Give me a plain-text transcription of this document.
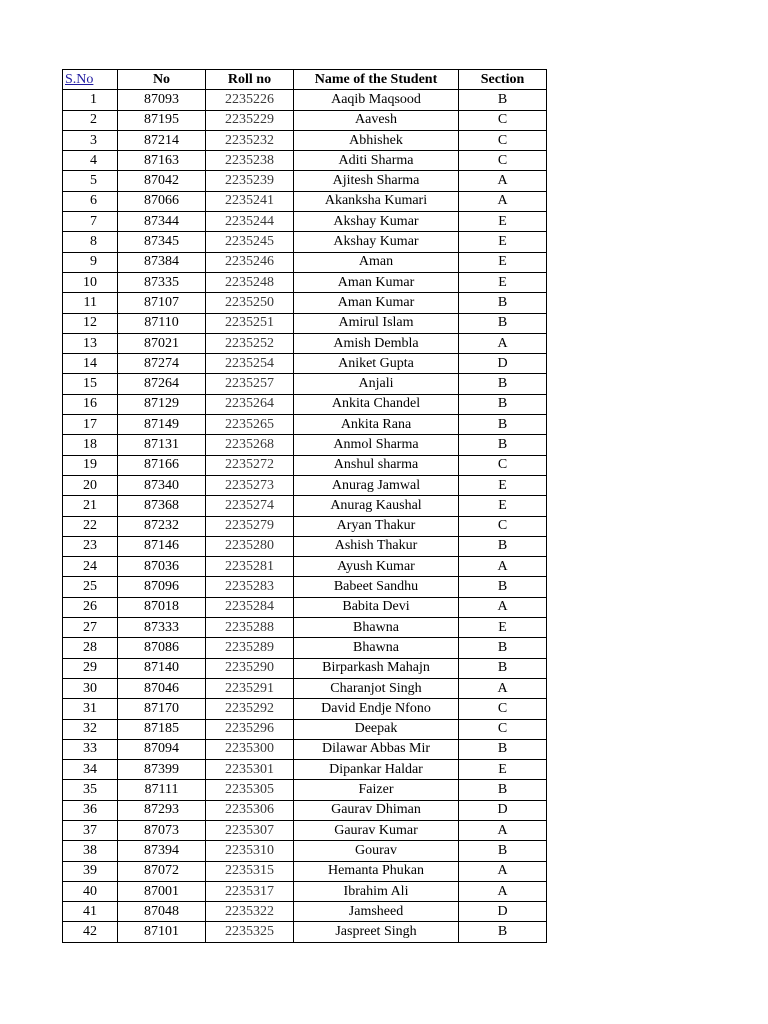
S.No	No	Roll no	Name of the Student	Section
1	87093	2235226	Aaqib Maqsood	B
2	87195	2235229	Aavesh	C
3	87214	2235232	Abhishek	C
4	87163	2235238	Aditi Sharma	C
5	87042	2235239	Ajitesh Sharma	A
6	87066	2235241	Akanksha Kumari	A
7	87344	2235244	Akshay Kumar	E
8	87345	2235245	Akshay Kumar	E
9	87384	2235246	Aman	E
10	87335	2235248	Aman Kumar	E
11	87107	2235250	Aman Kumar	B
12	87110	2235251	Amirul Islam	B
13	87021	2235252	Amish Dembla	A
14	87274	2235254	Aniket Gupta	D
15	87264	2235257	Anjali	B
16	87129	2235264	Ankita Chandel	B
17	87149	2235265	Ankita Rana	B
18	87131	2235268	Anmol Sharma	B
19	87166	2235272	Anshul sharma	C
20	87340	2235273	Anurag Jamwal	E
21	87368	2235274	Anurag Kaushal	E
22	87232	2235279	Aryan Thakur	C
23	87146	2235280	Ashish Thakur	B
24	87036	2235281	Ayush Kumar	A
25	87096	2235283	Babeet Sandhu	B
26	87018	2235284	Babita Devi	A
27	87333	2235288	Bhawna	E
28	87086	2235289	Bhawna	B
29	87140	2235290	Birparkash Mahajn	B
30	87046	2235291	Charanjot Singh	A
31	87170	2235292	David Endje Nfono	C
32	87185	2235296	Deepak	C
33	87094	2235300	Dilawar Abbas Mir	B
34	87399	2235301	Dipankar Haldar	E
35	87111	2235305	Faizer	B
36	87293	2235306	Gaurav Dhiman	D
37	87073	2235307	Gaurav Kumar	A
38	87394	2235310	Gourav	B
39	87072	2235315	Hemanta Phukan	A
40	87001	2235317	Ibrahim Ali	A
41	87048	2235322	Jamsheed	D
42	87101	2235325	Jaspreet Singh	B
